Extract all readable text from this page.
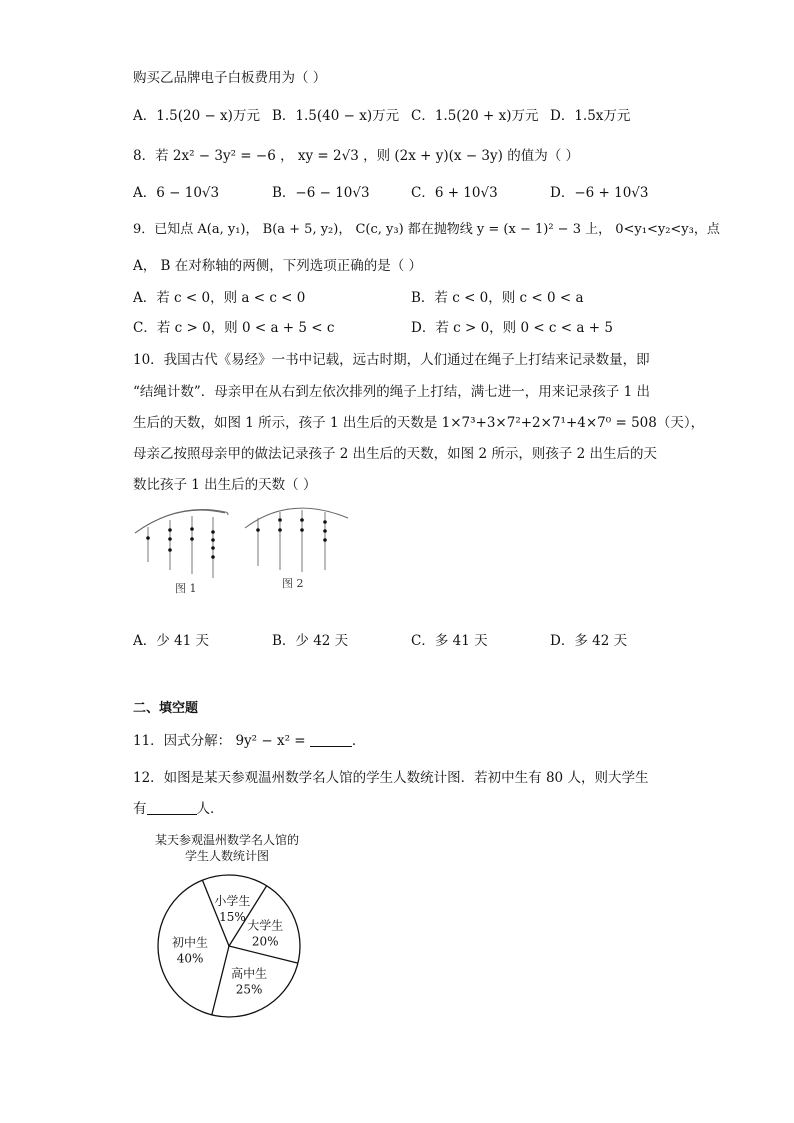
购买乙品牌电子白板费用为（ ）
A．1.5(20 − x)万元 B．1.5(40 − x)万元 C．1.5(20 + x)万元 D．1.5x万元
8．若 2x² − 3y² = −6 ， xy = 2√3 ，则 (2x + y)(x − 3y) 的值为（ ）
A．6 − 10√3	B．−6 − 10√3	C．6 + 10√3	D．−6 + 10√3
9．已知点 A(a, y₁)， B(a + 5, y₂)， C(c, y₃) 都在抛物线 y = (x − 1)² − 3 上， 0<y₁<y₂<y₃，点
A， B 在对称轴的两侧，下列选项正确的是（ ）
A．若 c < 0，则 a < c < 0	B．若 c < 0，则 c < 0 < a
C．若 c > 0，则 0 < a + 5 < c	D．若 c > 0，则 0 < c < a + 5
10．我国古代《易经》一书中记载，远古时期，人们通过在绳子上打结来记录数量，即
“结绳计数”．母亲甲在从右到左依次排列的绳子上打结，满七进一，用来记录孩子 1 出
生后的天数，如图 1 所示，孩子 1 出生后的天数是 1×7³+3×7²+2×7¹+4×7⁰ = 508（天），
母亲乙按照母亲甲的做法记录孩子 2 出生后的天数，如图 2 所示，则孩子 2 出生后的天
数比孩子 1 出生后的天数（ ）
图 1	图 2
A．少 41 天	B．少 42 天	C．多 41 天	D．多 42 天
二、填空题
11．因式分解： 9y² − x² =	．
12．如图是某天参观温州数学名人馆的学生人数统计图．若初中生有 80 人，则大学生
有	人．
某天参观温州数学名人馆的
学生人数统计图
小学生
15%
大学生
20%
高中生
25%
初中生
40%
